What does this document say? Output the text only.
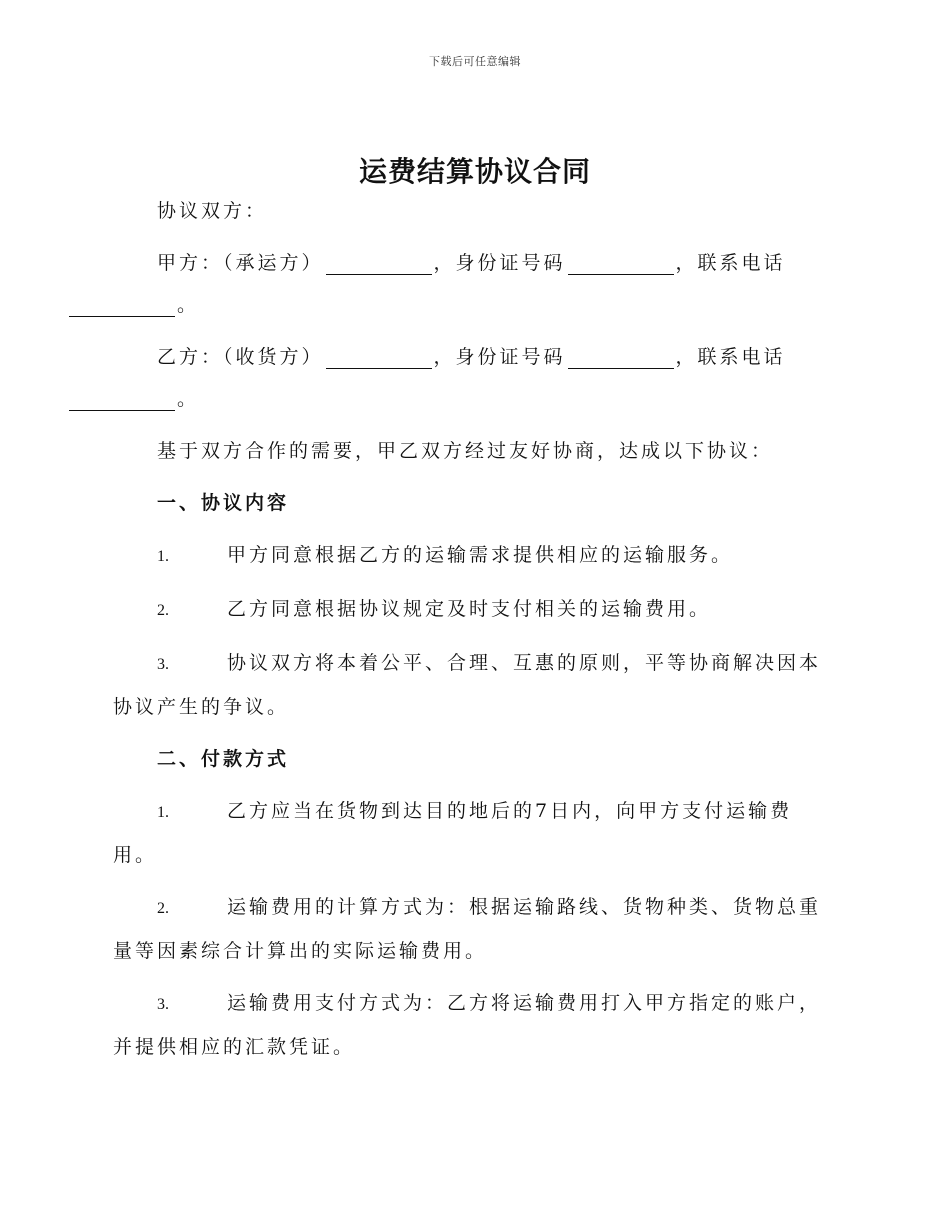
下载后可任意编辑
运费结算协议合同

协议双方：

甲方：（承运方）	，身份证号码	，联系电话
。

乙方：（收货方）	，身份证号码	，联系电话
。

基于双方合作的需要，甲乙双方经过友好协商，达成以下协议：

一、协议内容

1.	甲方同意根据乙方的运输需求提供相应的运输服务。

2.	乙方同意根据协议规定及时支付相关的运输费用。

3.	协议双方将本着公平、合理、互惠的原则，平等协商解决因本协议产生的争议。

二、付款方式

1.	乙方应当在货物到达目的地后的7日内，向甲方支付运输费用。

2.	运输费用的计算方式为：根据运输路线、货物种类、货物总重量等因素综合计算出的实际运输费用。

3.	运输费用支付方式为：乙方将运输费用打入甲方指定的账户，并提供相应的汇款凭证。
